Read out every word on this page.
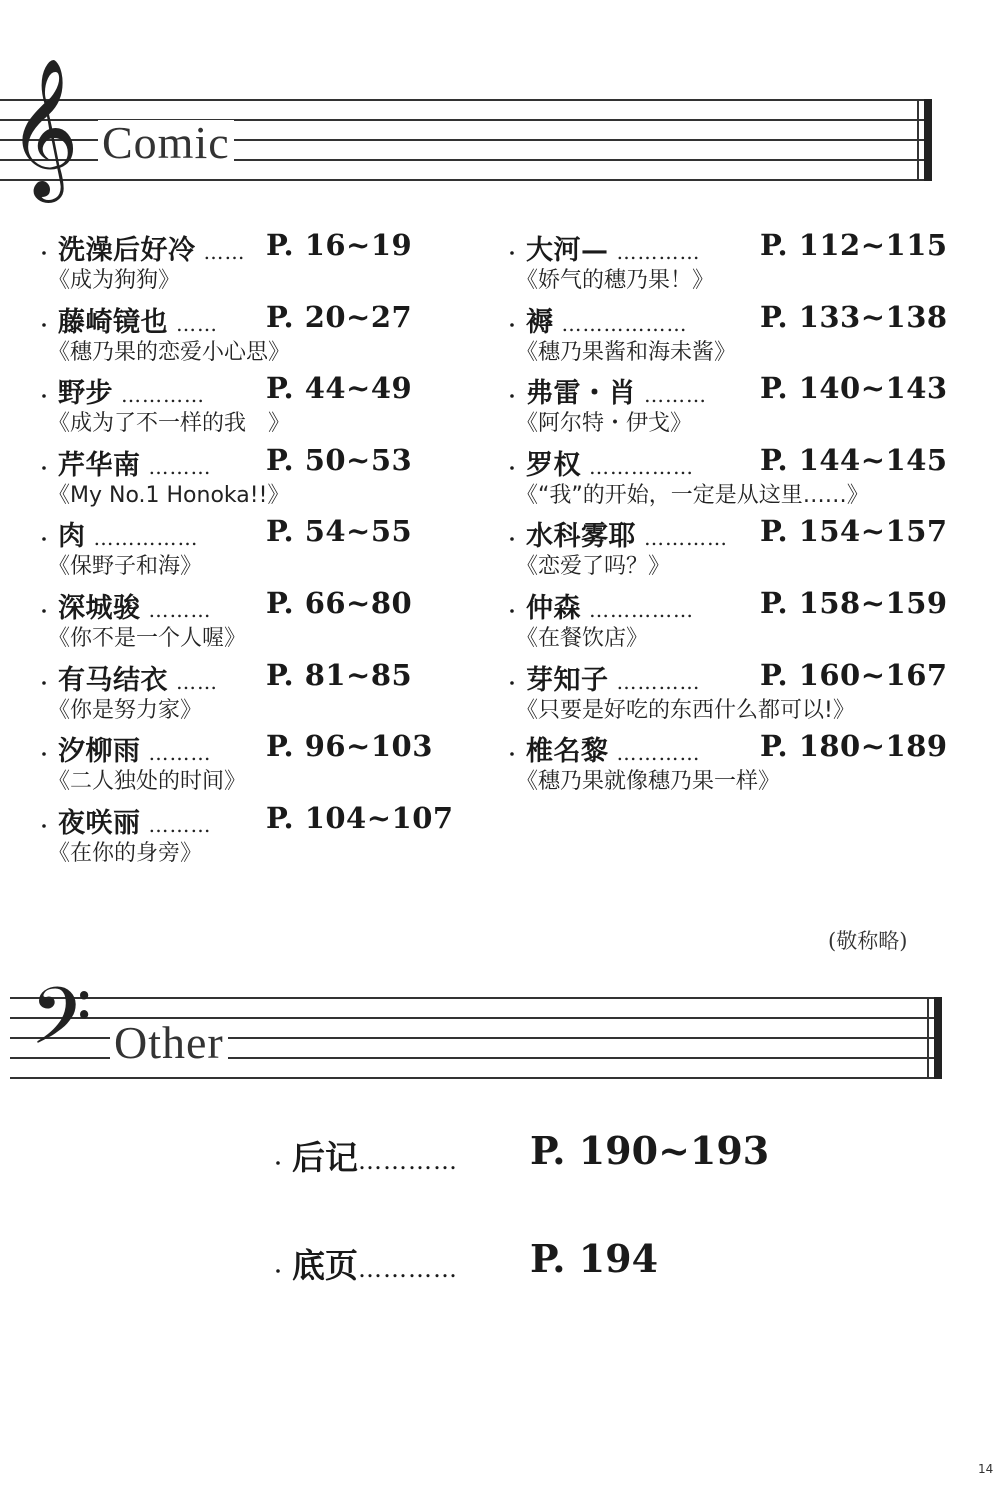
𝄞 Comic
・ 洗澡后好冷 …… P. 16~19
《成为狗狗》
・ 藤崎镜也 …… P. 20~27
《穗乃果的恋爱小心思》
・ 野步 ………… P. 44~49
《成为了不一样的我　》
・ 芹华南 ……… P. 50~53
《My No.1 Honoka!!》
・ 肉 …………… P. 54~55
《保野子和海》
・ 深城骏 ……… P. 66~80
《你不是一个人喔》
・ 有马结衣 …… P. 81~85
《你是努力家》
・ 汐柳雨 ……… P. 96~103
《二人独处的时间》
・ 夜咲丽 ……… P. 104~107
《在你的身旁》
・ 大河— ………… P. 112~115
《娇气的穗乃果！》
・ 褥 ……………… P. 133~138
《穗乃果酱和海未酱》
・ 弗雷・肖 ……… P. 140~143
《阿尔特・伊戈》
・ 罗权 …………… P. 144~145
《“我”的开始，一定是从这里……》
・ 水科雾耶 ………… P. 154~157
《恋爱了吗？》
・ 仲森 …………… P. 158~159
《在餐饮店》
・ 芽知子 ………… P. 160~167
《只要是好吃的东西什么都可以!》
・ 椎名黎 ………… P. 180~189
《穗乃果就像穗乃果一样》
(敬称略)
𝄢 Other
・ 后记 ………… P. 190~193
・ 底页 ………… P. 194
14
